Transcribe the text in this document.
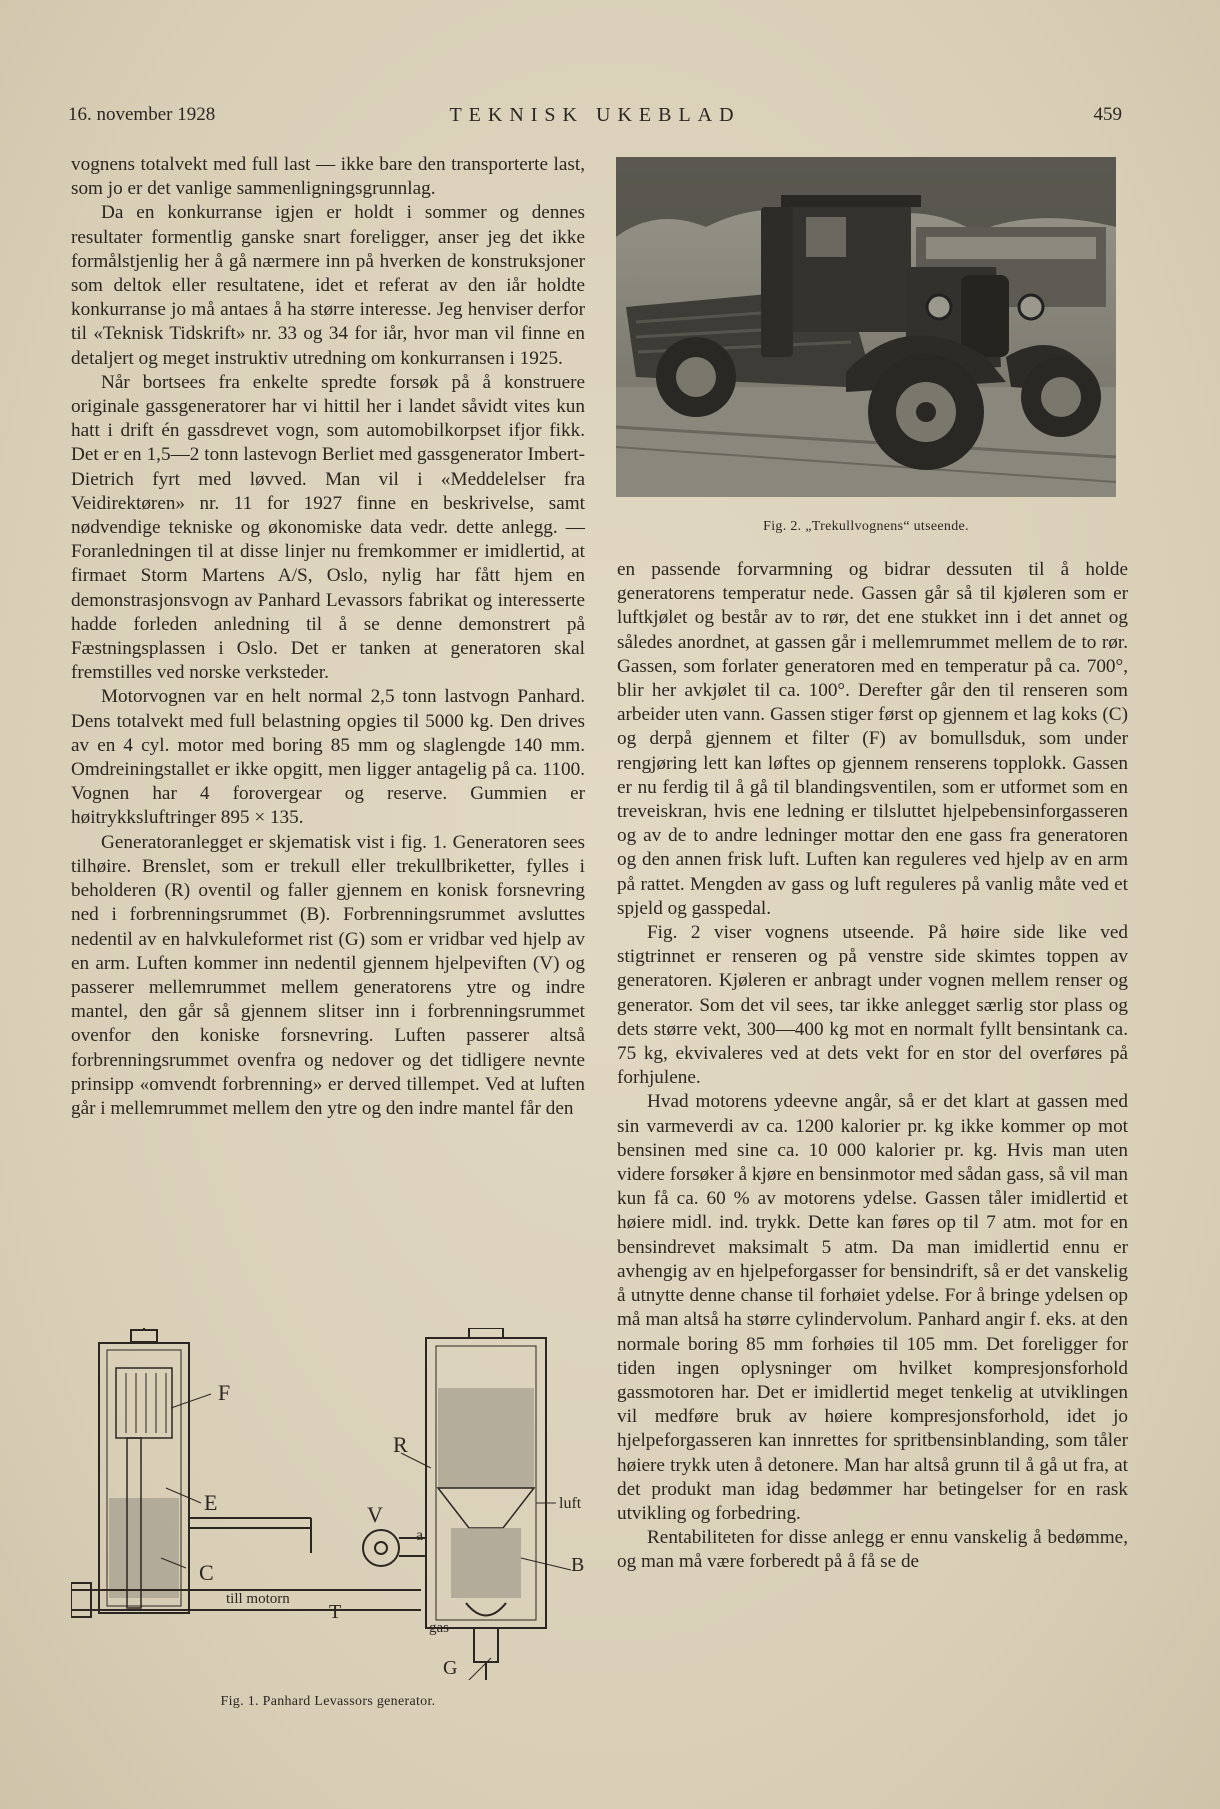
16. november 1928	TEKNISK UKEBLAD	459

vognens totalvekt med full last — ikke bare den transporterte last, som jo er det vanlige sammenligningsgrunnlag.

Da en konkurranse igjen er holdt i sommer og dennes resultater formentlig ganske snart foreligger, anser jeg det ikke formålstjenlig her å gå nærmere inn på hverken de konstruksjoner som deltok eller resultatene, idet et referat av den iår holdte konkurranse jo må antaes å ha større interesse. Jeg henviser derfor til «Teknisk Tidskrift» nr. 33 og 34 for iår, hvor man vil finne en detaljert og meget instruktiv utredning om konkurransen i 1925.

Når bortsees fra enkelte spredte forsøk på å konstruere originale gassgeneratorer har vi hittil her i landet såvidt vites kun hatt i drift én gassdrevet vogn, som automobilkorpset ifjor fikk. Det er en 1,5—2 tonn lastevogn Berliet med gassgenerator Imbert-Dietrich fyrt med løvved. Man vil i «Meddelelser fra Veidirektøren» nr. 11 for 1927 finne en beskrivelse, samt nødvendige tekniske og økonomiske data vedr. dette anlegg. — Foranledningen til at disse linjer nu fremkommer er imidlertid, at firmaet Storm Martens A/S, Oslo, nylig har fått hjem en demonstrasjonsvogn av Panhard Levassors fabrikat og interesserte hadde forleden anledning til å se denne demonstrert på Fæstningsplassen i Oslo. Det er tanken at generatoren skal fremstilles ved norske verksteder.

Motorvognen var en helt normal 2,5 tonn lastvogn Panhard. Dens totalvekt med full belastning opgies til 5000 kg. Den drives av en 4 cyl. motor med boring 85 mm og slaglengde 140 mm. Omdreiningstallet er ikke opgitt, men ligger antagelig på ca. 1100. Vognen har 4 forovergear og reserve. Gummien er høitrykksluftringer 895 × 135.

Generatoranlegget er skjematisk vist i fig. 1. Generatoren sees tilhøire. Brenslet, som er trekull eller trekullbriketter, fylles i beholderen (R) oventil og faller gjennem en konisk forsnevring ned i forbrenningsrummet (B). Forbrenningsrummet avsluttes nedentil av en halvkuleformet rist (G) som er vridbar ved hjelp av en arm. Luften kommer inn nedentil gjennem hjelpeviften (V) og passerer mellemrummet mellem generatorens ytre og indre mantel, den går så gjennem slitser inn i forbrenningsrummet ovenfor den koniske forsnevring. Luften passerer altså forbrenningsrummet ovenfra og nedover og det tidligere nevnte prinsipp «omvendt forbrenning» er derved tillempet. Ved at luften går i mellemrummet mellem den ytre og den indre mantel får den

Fig. 2. „Trekullvognens“ utseende.

en passende forvarmning og bidrar dessuten til å holde generatorens temperatur nede. Gassen går så til kjøleren som er luftkjølet og består av to rør, det ene stukket inn i det annet og således anordnet, at gassen går i mellemrummet mellem de to rør. Gassen, som forlater generatoren med en temperatur på ca. 700°, blir her avkjølet til ca. 100°. Derefter går den til renseren som arbeider uten vann. Gassen stiger først op gjennem et lag koks (C) og derpå gjennem et filter (F) av bomullsduk, som under rengjøring lett kan løftes op gjennem renserens topplokk. Gassen er nu ferdig til å gå til blandingsventilen, som er utformet som en treveiskran, hvis ene ledning er tilsluttet hjelpebensinforgasseren og av de to andre ledninger mottar den ene gass fra generatoren og den annen frisk luft. Luften kan reguleres ved hjelp av en arm på rattet. Mengden av gass og luft reguleres på vanlig måte ved et spjeld og gasspedal.

Fig. 2 viser vognens utseende. På høire side like ved stigtrinnet er renseren og på venstre side skimtes toppen av generatoren. Kjøleren er anbragt under vognen mellem renser og generator. Som det vil sees, tar ikke anlegget særlig stor plass og dets større vekt, 300—400 kg mot en normalt fyllt bensintank ca. 75 kg, ekvivaleres ved at dets vekt for en stor del overføres på forhjulene.

Hvad motorens ydeevne angår, så er det klart at gassen med sin varmeverdi av ca. 1200 kalorier pr. kg ikke kommer op mot bensinen med sine ca. 10 000 kalorier pr. kg. Hvis man uten videre forsøker å kjøre en bensinmotor med sådan gass, så vil man kun få ca. 60 % av motorens ydelse. Gassen tåler imidlertid et høiere midl. ind. trykk. Dette kan føres op til 7 atm. mot for en bensindrevet maksimalt 5 atm. Da man imidlertid ennu er avhengig av en hjelpeforgasser for bensindrift, så er det vanskelig å utnytte denne chanse til forhøiet ydelse. For å bringe ydelsen op må man altså ha større cylindervolum. Panhard angir f. eks. at den normale boring 85 mm forhøies til 105 mm. Det foreligger for tiden ingen oplysninger om hvilket kompresjonsforhold gassmotoren har. Det er imidlertid meget tenkelig at utviklingen vil medføre bruk av høiere kompresjonsforhold, idet jo hjelpeforgasseren kan innrettes for spritbensinblanding, som tåler høiere trykk uten å detonere. Man har altså grunn til å gå ut fra, at det produkt man idag bedømmer har betingelser for en rask utvikling og forbedring.

Rentabiliteten for disse anlegg er ennu vanskelig å bedømme, og man må være forberedt på å få se de

F
E
C
R
V
a
B
G
T
luft
till motorn
gas
Fig. 1. Panhard Levassors generator.
